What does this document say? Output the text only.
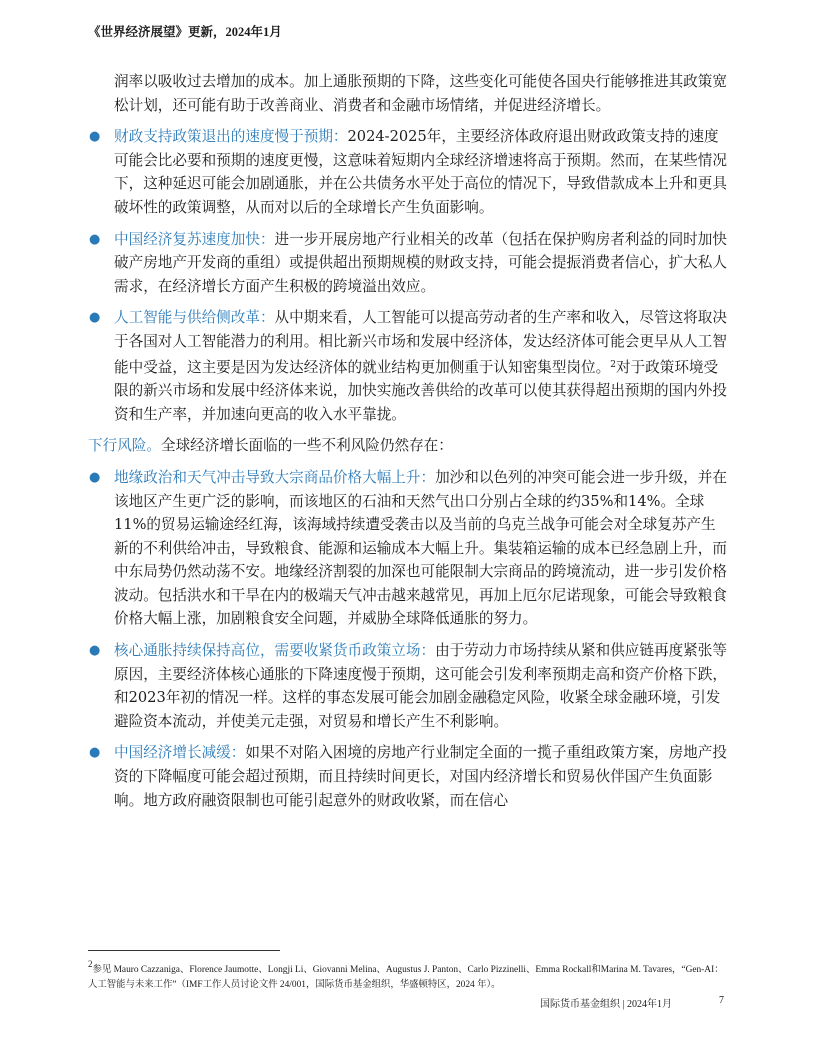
《世界经济展望》更新，2024年1月
润率以吸收过去增加的成本。加上通胀预期的下降，这些变化可能使各国央行能够推进其政策宽松计划，还可能有助于改善商业、消费者和金融市场情绪，并促进经济增长。
● 财政支持政策退出的速度慢于预期：2024-2025年，主要经济体政府退出财政政策支持的速度可能会比必要和预期的速度更慢，这意味着短期内全球经济增速将高于预期。然而，在某些情况下，这种延迟可能会加剧通胀，并在公共债务水平处于高位的情况下，导致借款成本上升和更具破坏性的政策调整，从而对以后的全球增长产生负面影响。
● 中国经济复苏速度加快：进一步开展房地产行业相关的改革（包括在保护购房者利益的同时加快破产房地产开发商的重组）或提供超出预期规模的财政支持，可能会提振消费者信心，扩大私人需求，在经济增长方面产生积极的跨境溢出效应。
● 人工智能与供给侧改革：从中期来看，人工智能可以提高劳动者的生产率和收入，尽管这将取决于各国对人工智能潜力的利用。相比新兴市场和发展中经济体，发达经济体可能会更早从人工智能中受益，这主要是因为发达经济体的就业结构更加侧重于认知密集型岗位。$^2$对于政策环境受限的新兴市场和发展中经济体来说，加快实施改善供给的改革可以使其获得超出预期的国内外投资和生产率，并加速向更高的收入水平靠拢。
下行风险。全球经济增长面临的一些不利风险仍然存在：
● 地缘政治和天气冲击导致大宗商品价格大幅上升：加沙和以色列的冲突可能会进一步升级，并在该地区产生更广泛的影响，而该地区的石油和天然气出口分别占全球的约35%和14%。全球11%的贸易运输途经红海，该海域持续遭受袭击以及当前的乌克兰战争可能会对全球复苏产生新的不利供给冲击，导致粮食、能源和运输成本大幅上升。集装箱运输的成本已经急剧上升，而中东局势仍然动荡不安。地缘经济割裂的加深也可能限制大宗商品的跨境流动，进一步引发价格波动。包括洪水和干旱在内的极端天气冲击越来越常见，再加上厄尔尼诺现象，可能会导致粮食价格大幅上涨，加剧粮食安全问题，并威胁全球降低通胀的努力。
● 核心通胀持续保持高位，需要收紧货币政策立场：由于劳动力市场持续从紧和供应链再度紧张等原因，主要经济体核心通胀的下降速度慢于预期，这可能会引发利率预期走高和资产价格下跌，和2023年初的情况一样。这样的事态发展可能会加剧金融稳定风险，收紧全球金融环境，引发避险资本流动，并使美元走强，对贸易和增长产生不利影响。
● 中国经济增长减缓：如果不对陷入困境的房地产行业制定全面的一揽子重组政策方案，房地产投资的下降幅度可能会超过预期，而且持续时间更长，对国内经济增长和贸易伙伴国产生负面影响。地方政府融资限制也可能引起意外的财政收紧，而在信心
$^2$参见 Mauro Cazzaniga、Florence Jaumotte、Longji Li、Giovanni Melina、Augustus J. Panton、Carlo Pizzinelli、Emma Rockall和Marina M. Tavares，“Gen-AI：人工智能与未来工作”（IMF工作人员讨论文件 24/001，国际货币基金组织，华盛顿特区，2024 年）。
国际货币基金组织 | 2024年1月	7
